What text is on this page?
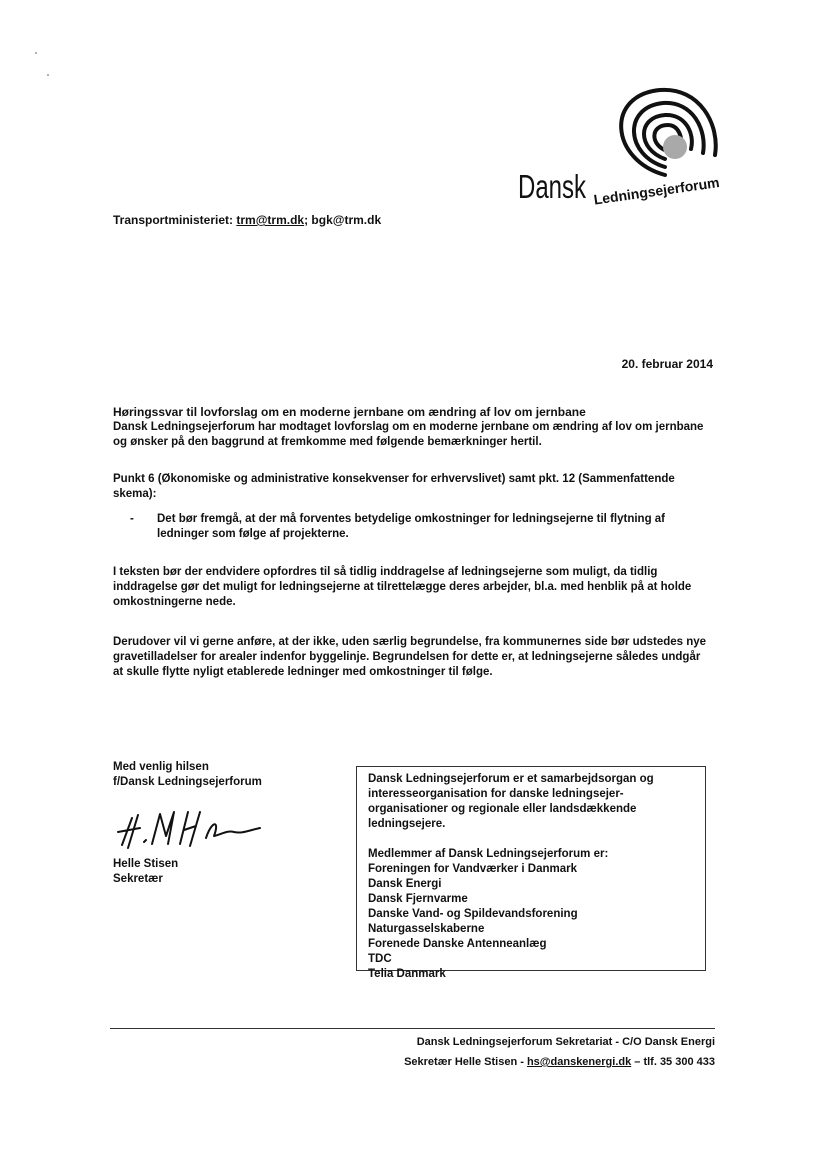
Dansk Ledningsejerforum
Transportministeriet: trm@trm.dk; bgk@trm.dk
20. februar 2014
Høringssvar til lovforslag om en moderne jernbane om ændring af lov om jernbane
Dansk Ledningsejerforum har modtaget lovforslag om en moderne jernbane om ændring af lov om jernbane og ønsker på den baggrund at fremkomme med følgende bemærkninger hertil.
Punkt 6 (Økonomiske og administrative konsekvenser for erhvervslivet) samt pkt. 12 (Sammenfattende skema):
- Det bør fremgå, at der må forventes betydelige omkostninger for ledningsejerne til flytning af ledninger som følge af projekterne.
I teksten bør der endvidere opfordres til så tidlig inddragelse af ledningsejerne som muligt, da tidlig inddragelse gør det muligt for ledningsejerne at tilrettelægge deres arbejder, bl.a. med henblik på at holde omkostningerne nede.
Derudover vil vi gerne anføre, at der ikke, uden særlig begrundelse, fra kommunernes side bør udstedes nye gravetilladelser for arealer indenfor byggelinje. Begrundelsen for dette er, at ledningsejerne således undgår at skulle flytte nyligt etablerede ledninger med omkostninger til følge.
Med venlig hilsen
f/Dansk Ledningsejerforum
Helle Stisen
Sekretær
Dansk Ledningsejerforum er et samarbejdsorgan og interesseorganisation for danske ledningsejer-organisationer og regionale eller landsdækkende ledningsejere.
Medlemmer af Dansk Ledningsejerforum er:
Foreningen for Vandværker i Danmark
Dansk Energi
Dansk Fjernvarme
Danske Vand- og Spildevandsforening
Naturgasselskaberne
Forenede Danske Antenneanlæg
TDC
Telia Danmark
Dansk Ledningsejerforum Sekretariat - C/O Dansk Energi
Sekretær Helle Stisen - hs@danskenergi.dk – tlf. 35 300 433
